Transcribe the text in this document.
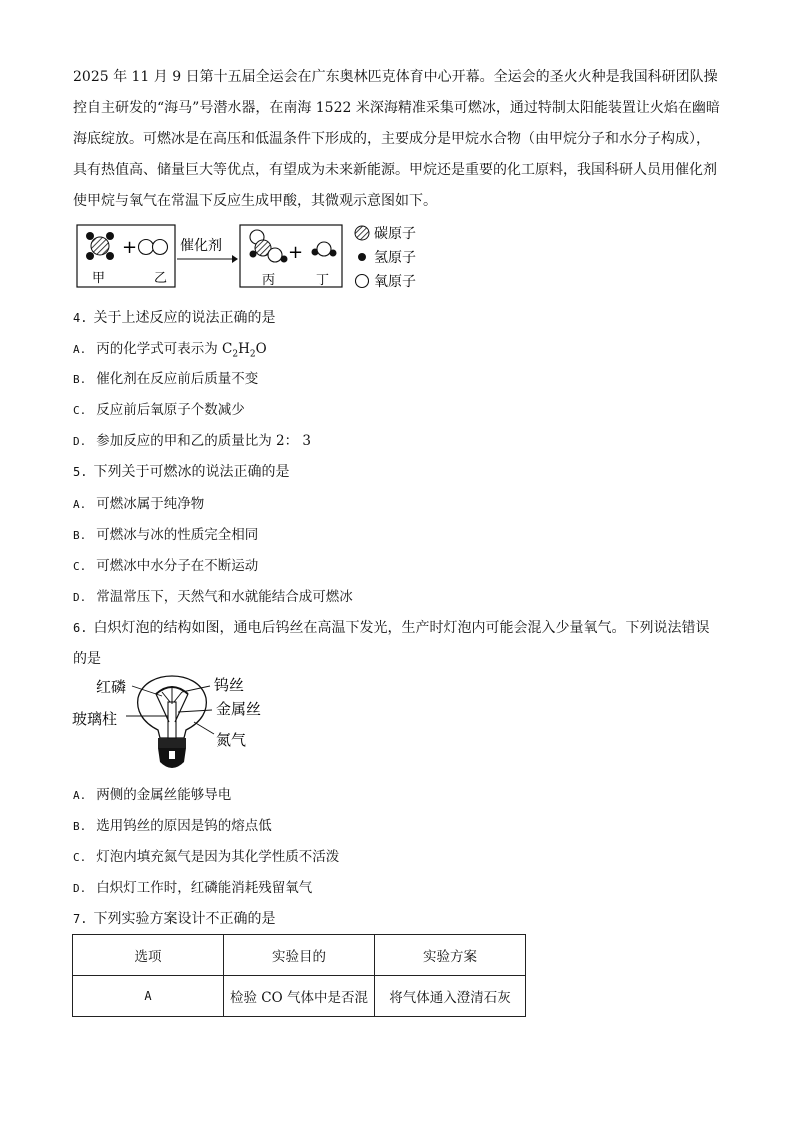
2025 年 11 月 9 日第十五届全运会在广东奥林匹克体育中心开幕。全运会的圣火火种是我国科研团队操控自主研发的“海马”号潜水器，在南海 1522 米深海精准采集可燃冰，通过特制太阳能装置让火焰在幽暗海底绽放。可燃冰是在高压和低温条件下形成的，主要成分是甲烷水合物（由甲烷分子和水分子构成），具有热值高、储量巨大等优点，有望成为未来新能源。甲烷还是重要的化工原料，我国科研人员用催化剂使甲烷与氧气在常温下反应生成甲酸，其微观示意图如下。

+
甲	乙
催化剂	+
丙	丁
碳原子
氢原子
氧原子
4. 关于上述反应的说法正确的是
A. 丙的化学式可表示为 $C_2H_2O$
B. 催化剂在反应前后质量不变
C. 反应前后氧原子个数减少
D. 参加反应的甲和乙的质量比为 2： 3
5. 下列关于可燃冰的说法正确的是
A. 可燃冰属于纯净物
B. 可燃冰与冰的性质完全相同
C. 可燃冰中水分子在不断运动
D. 常温常压下，天然气和水就能结合成可燃冰
6. 白炽灯泡的结构如图，通电后钨丝在高温下发光，生产时灯泡内可能会混入少量氧气。下列说法错误
的是
红磷
玻璃柱
钨丝
金属丝
氮气
A. 两侧的金属丝能够导电
B. 选用钨丝的原因是钨的熔点低
C. 灯泡内填充氮气是因为其化学性质不活泼
D. 白炽灯工作时，红磷能消耗残留氧气
7. 下列实验方案设计不正确的是
选项	实验目的	实验方案
A	检验 CO 气体中是否混	将气体通入澄清石灰
